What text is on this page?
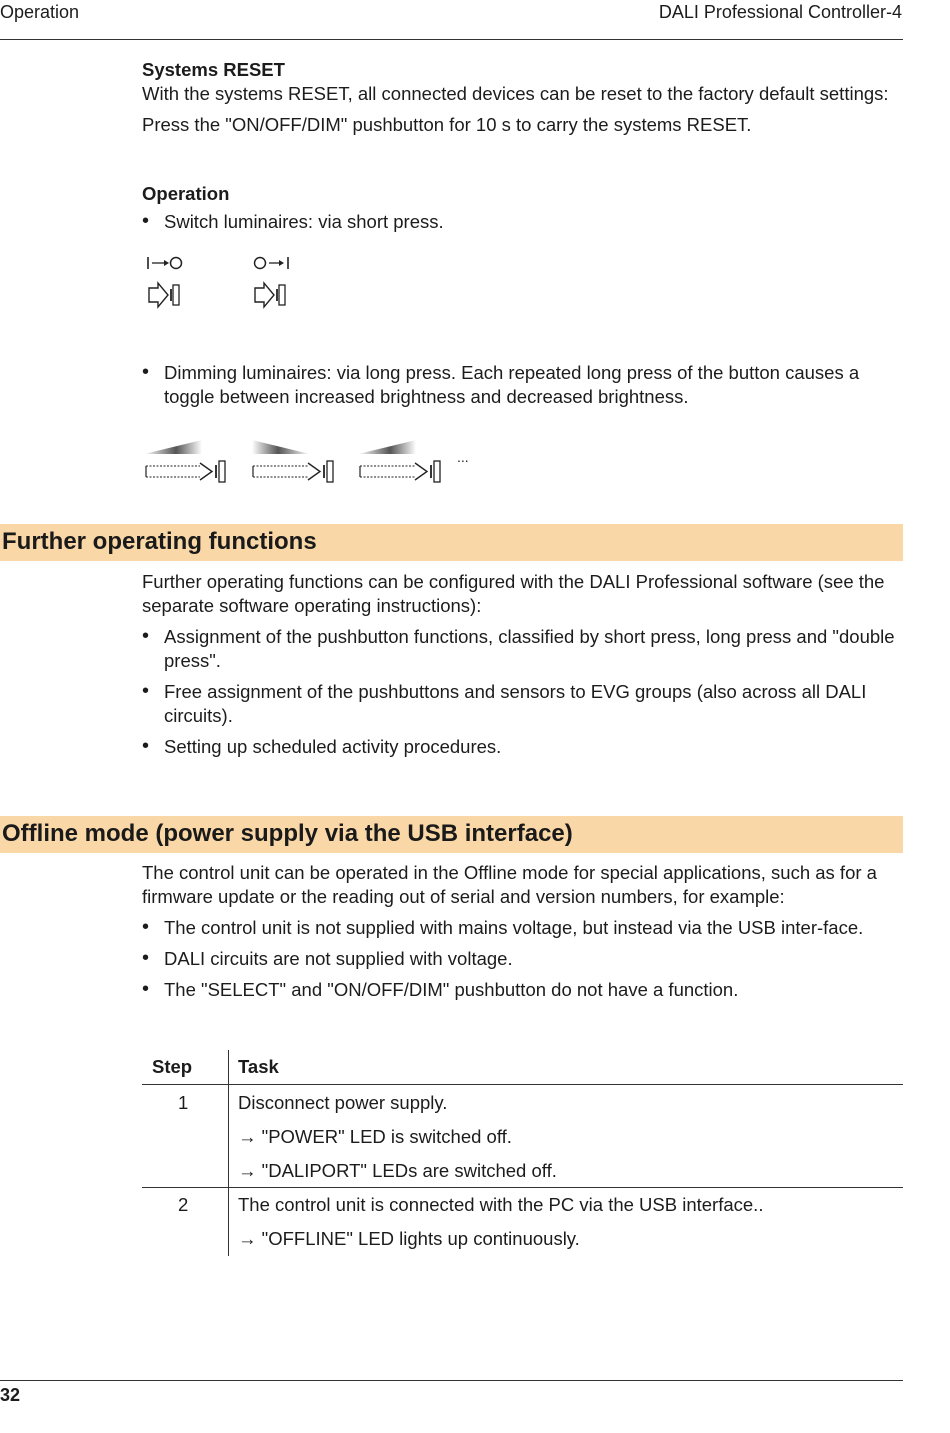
Operation	DALI Professional Controller-4
Systems RESET
With the systems RESET, all connected devices can be reset to the factory default settings:
Press the "ON/OFF/DIM" pushbutton for 10 s to carry the systems RESET.
Operation
• Switch luminaires: via short press.
• Dimming luminaires: via long press. Each repeated long press of the button causes a toggle between increased brightness and decreased brightness.
...
Further operating functions
Further operating functions can be configured with the DALI Professional software (see the separate software operating instructions):
• Assignment of the pushbutton functions, classified by short press, long press and "double press".
• Free assignment of the pushbuttons and sensors to EVG groups (also across all DALI circuits).
• Setting up scheduled activity procedures.
Offline mode (power supply via the USB interface)
The control unit can be operated in the Offline mode for special applications, such as for a firmware update or the reading out of serial and version numbers, for example:
• The control unit is not supplied with mains voltage, but instead via the USB inter-face.
• DALI circuits are not supplied with voltage.
• The "SELECT" and "ON/OFF/DIM" pushbutton do not have a function.
Step Task
1	Disconnect power supply.
→ "POWER" LED is switched off.
→ "DALIPORT" LEDs are switched off.
2	The control unit is connected with the PC via the USB interface..
→ "OFFLINE" LED lights up continuously.
32
